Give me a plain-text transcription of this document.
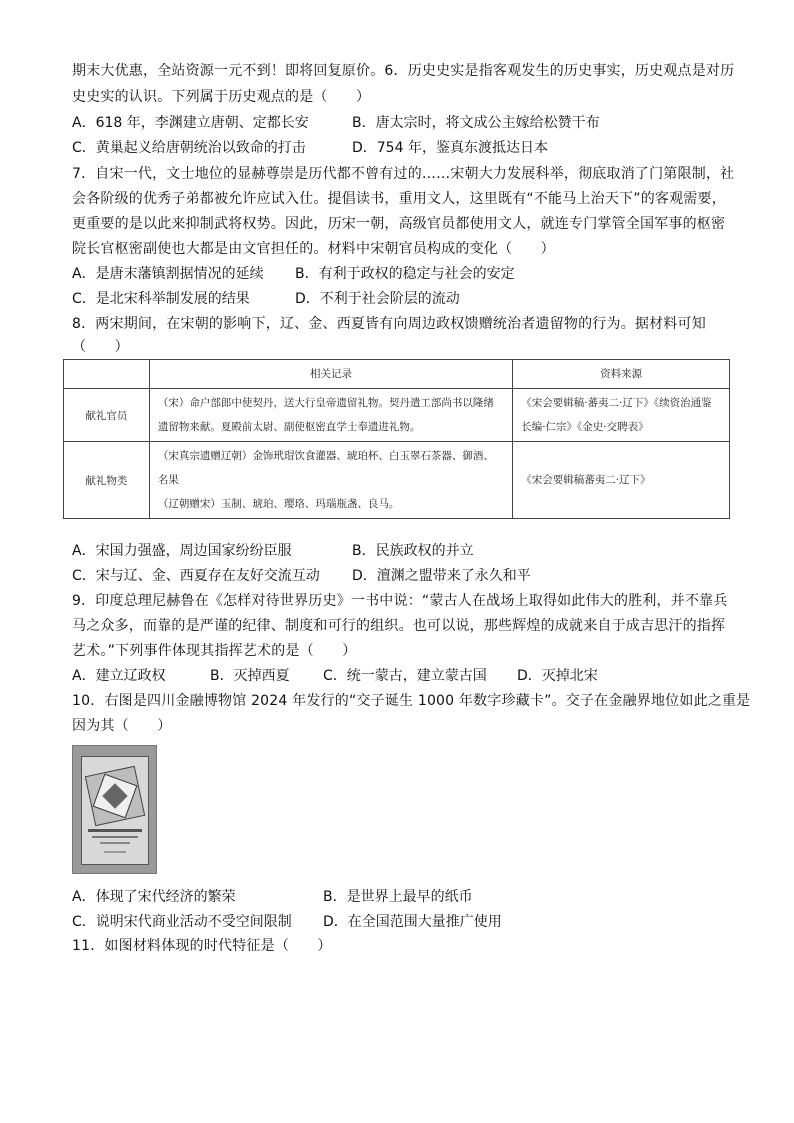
期末大优惠，全站资源一元不到！即将回复原价。6．历史史实是指客观发生的历史事实，历史观点是对历
史史实的认识。下列属于历史观点的是（　　）
A．618 年，李渊建立唐朝、定都长安	B．唐太宗时，将文成公主嫁给松赞干布
C．黄巢起义给唐朝统治以致命的打击	D．754 年，鉴真东渡抵达日本
7．自宋一代，文士地位的显赫尊崇是历代都不曾有过的……宋朝大力发展科举，彻底取消了门第限制，社
会各阶级的优秀子弟都被允许应试入仕。提倡读书，重用文人，这里既有“不能马上治天下”的客观需要，
更重要的是以此来抑制武将权势。因此，历宋一朝，高级官员都使用文人，就连专门掌管全国军事的枢密
院长官枢密副使也大都是由文官担任的。材料中宋朝官员构成的变化（　　）
A．是唐末藩镇割据情况的延续 B．有利于政权的稳定与社会的安定
C．是北宋科举制发展的结果	D．不利于社会阶层的流动
8．两宋期间，在宋朝的影响下，辽、金、西夏皆有向周边政权馈赠统治者遗留物的行为。据材料可知
（　　）
	相关记录	资料来源
献礼官员	（宋）命户部郎中使契丹，送大行皇帝遗留礼物。契丹遣工部尚书以隆绪遗留物来献。夏殿前太尉、副使枢密直学士奉遗进礼物。	《宋会要辑稿·蕃夷二·辽下》《续资治通鉴长编·仁宗》《金史·交聘表》
献礼物类	（宋真宗遗赠辽朝）金饰玳瑁饮食灌器、琥珀杯、白玉翠石茶器、御酒、名果
（辽朝赠宋）玉制、琥珀、璎珞、玛瑙瓶盏、良马。	《宋会要辑稿蕃夷二·辽下》
A．宋国力强盛，周边国家纷纷臣服	B．民族政权的并立
C．宋与辽、金、西夏存在友好交流互动 D．澶渊之盟带来了永久和平
9．印度总理尼赫鲁在《怎样对待世界历史》一书中说：“蒙古人在战场上取得如此伟大的胜利，并不靠兵
马之众多，而靠的是严谨的纪律、制度和可行的组织。也可以说，那些辉煌的成就来自于成吉思汗的指挥
艺术。”下列事件体现其指挥艺术的是（　　）
A．建立辽政权	B．灭掉西夏 C．统一蒙古，建立蒙古国 D．灭掉北宋
10．右图是四川金融博物馆 2024 年发行的“交子诞生 1000 年数字珍藏卡”。交子在金融界地位如此之重是
因为其（　　）
A．体现了宋代经济的繁荣	B．是世界上最早的纸币
C．说明宋代商业活动不受空间限制 D．在全国范围大量推广使用
11．如图材料体现的时代特征是（　　）
